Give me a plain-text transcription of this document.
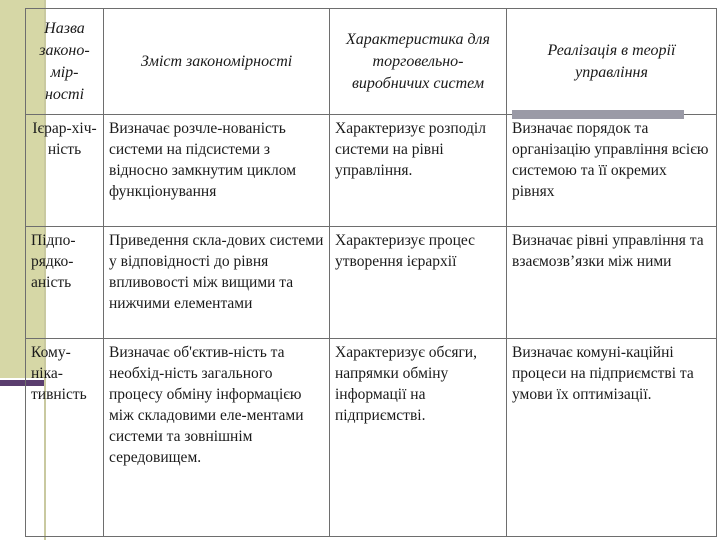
Назва законо-мір-ності	Зміст закономірності	Характеристика для торговельно-виробничих систем	Реалізація в теорії управління
Ієрар-хіч-ність	Визначає розчле-нованість системи на підсистеми з відносно замкнутим циклом функціонування	Характеризує розподіл системи на рівні управління.	Визначає порядок та організацію управління всією системою та її окремих рівнях
Підпо-рядко-аність	Приведення скла-дових системи у відповідності до рівня впливовості між вищими та нижчими елементами	Характеризує процес утворення ієрархії	Визначає рівні управління та взаємозв’язки між ними
Кому-ніка-тивність	Визначає об'єктив-ність та необхід-ність загального процесу обміну інформацією між складовими еле-ментами системи та зовнішнім середовищем.	Характеризує обсяги, напрямки обміну інформації на підприємстві.	Визначає комуні-каційні процеси на підприємстві та умови їх оптимізації.
